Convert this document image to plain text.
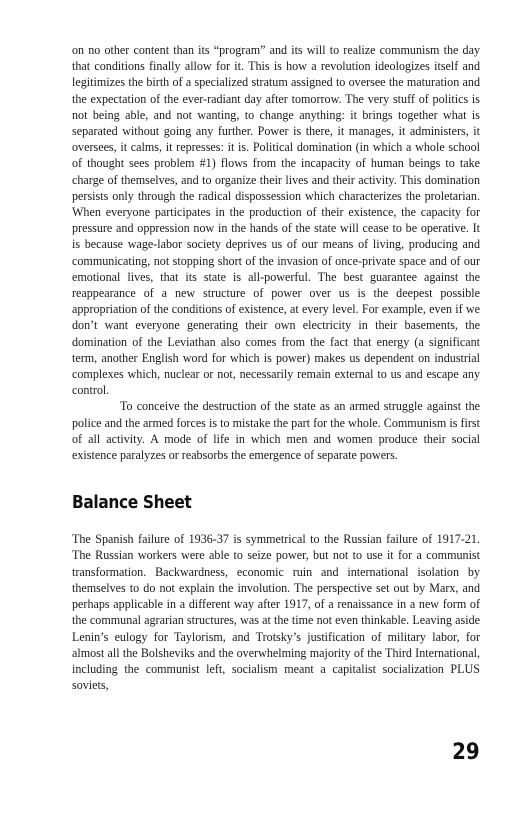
on no other content than its “program” and its will to realize communism the day that conditions finally allow for it. This is how a revolution ideologizes itself and legitimizes the birth of a specialized stratum assigned to oversee the maturation and the expectation of the ever-radiant day after tomorrow. The very stuff of politics is not being able, and not wanting, to change anything: it brings together what is separated without going any further. Power is there, it manages, it administers, it oversees, it calms, it represses: it is. Political domination (in which a whole school of thought sees problem #1) flows from the incapacity of human beings to take charge of themselves, and to organize their lives and their activity. This domination persists only through the radical dispossession which characterizes the proletarian. When everyone participates in the production of their existence, the capacity for pressure and oppression now in the hands of the state will cease to be operative. It is because wage-labor society deprives us of our means of living, producing and communicating, not stopping short of the invasion of once-private space and of our emotional lives, that its state is all-powerful. The best guarantee against the reappearance of a new structure of power over us is the deepest possible appropriation of the conditions of existence, at every level. For example, even if we don’t want everyone generating their own electricity in their basements, the domination of the Leviathan also comes from the fact that energy (a significant term, another English word for which is power) makes us dependent on industrial complexes which, nuclear or not, necessarily remain external to us and escape any control.

To conceive the destruction of the state as an armed struggle against the police and the armed forces is to mistake the part for the whole. Communism is first of all activity. A mode of life in which men and women produce their social existence paralyzes or reabsorbs the emergence of separate powers.

Balance Sheet

The Spanish failure of 1936-37 is symmetrical to the Russian failure of 1917-21. The Russian workers were able to seize power, but not to use it for a communist transformation. Backwardness, economic ruin and international isolation by themselves to do not explain the involution. The perspective set out by Marx, and perhaps applicable in a different way after 1917, of a renaissance in a new form of the communal agrarian structures, was at the time not even thinkable. Leaving aside Lenin’s eulogy for Taylorism, and Trotsky’s justification of military labor, for almost all the Bolsheviks and the overwhelming majority of the Third International, including the communist left, socialism meant a capitalist socialization PLUS soviets,

29
